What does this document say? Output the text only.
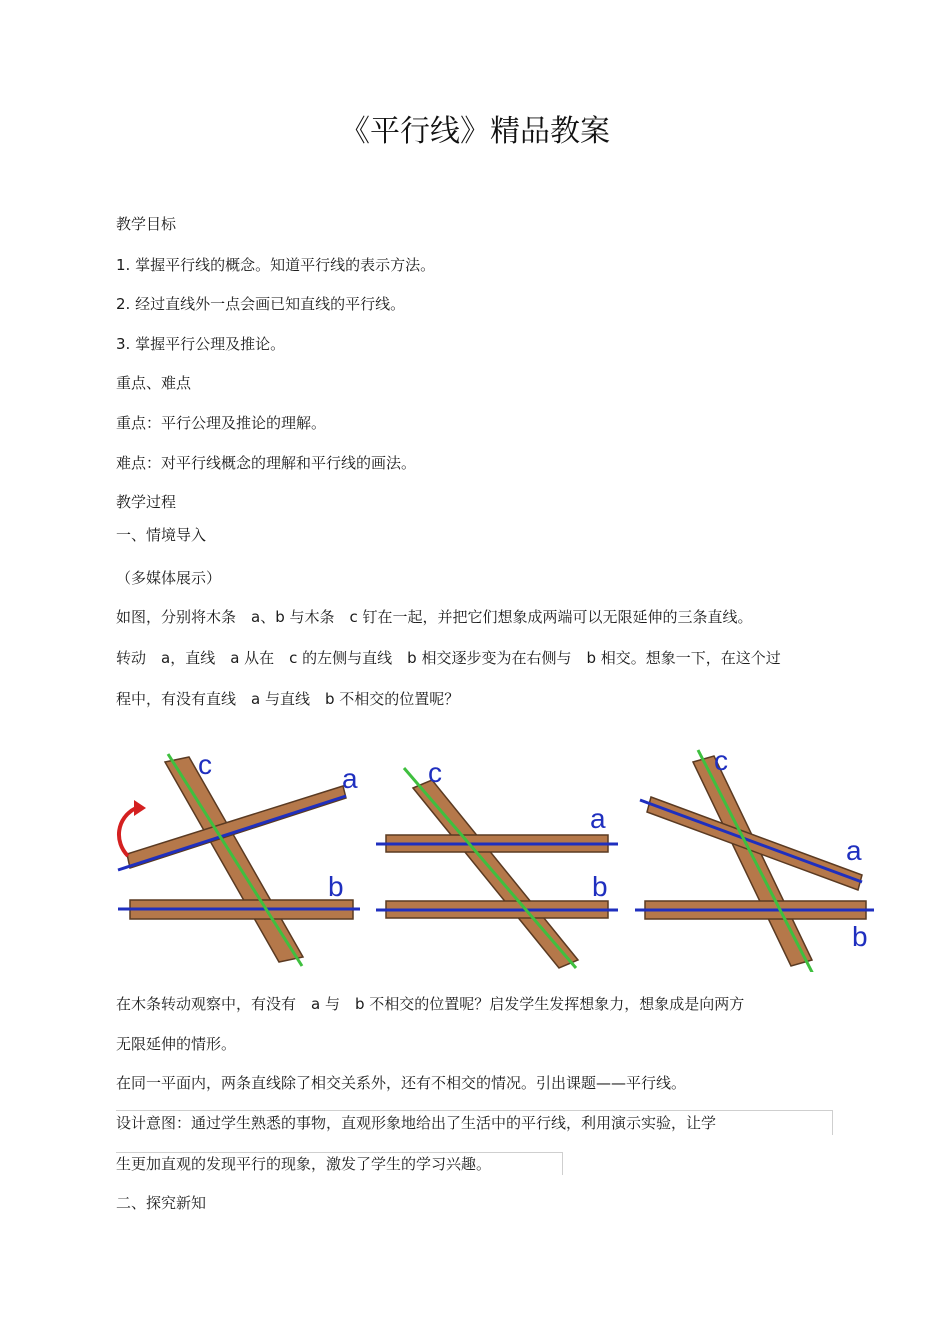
《平行线》精品教案
教学目标
1. 掌握平行线的概念。知道平行线的表示方法。
2. 经过直线外一点会画已知直线的平行线。
3. 掌握平行公理及推论。
重点、难点
重点：平行公理及推论的理解。
难点：对平行线概念的理解和平行线的画法。
教学过程
一、情境导入
（多媒体展示）
如图，分别将木条　a、b 与木条　c 钉在一起，并把它们想象成两端可以无限延伸的三条直线。
转动　a，直线　a 从在　c 的左侧与直线　b 相交逐步变为在右侧与　b 相交。想象一下，在这个过
程中，有没有直线　a 与直线　b 不相交的位置呢？
c	a
b
c
a
b
c
a
b
在木条转动观察中，有没有　a 与　b 不相交的位置呢？启发学生发挥想象力，想象成是向两方
无限延伸的情形。
在同一平面内，两条直线除了相交关系外，还有不相交的情况。引出课题——平行线。
设计意图：通过学生熟悉的事物，直观形象地给出了生活中的平行线，利用演示实验，让学
生更加直观的发现平行的现象，激发了学生的学习兴趣。
二、探究新知
